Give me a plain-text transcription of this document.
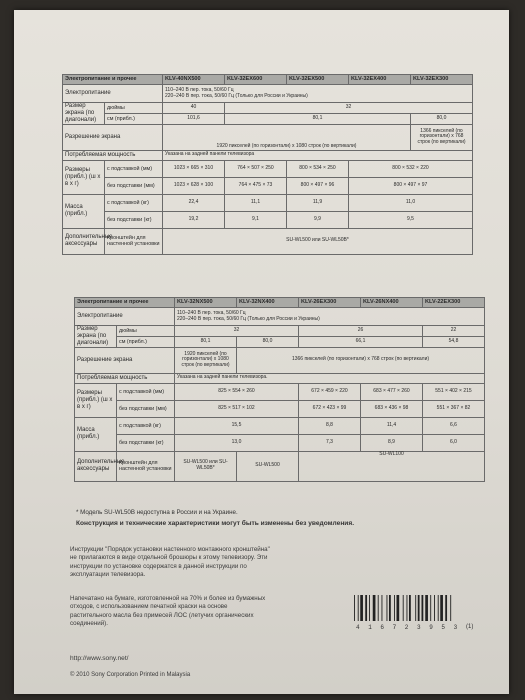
Электропитание и прочее		KLV-40NX500	KLV-32EX600	KLV-32EX500	KLV-32EX400	KLV-32EX300
Электропитание		110–240 В пер. тока, 50/60 Гц
220–240 В пер. тока, 50/60 Гц (Только для России и Украины)				
Размер экрана (по диагонали)	дюймы	40	32			
	см (прибл.)	101,6	80,1			80,0
Разрешение экрана		1920 пикселей (по горизонтали) x 1080 строк (по вертикали)				1366 пикселей (по горизонтали) x 768 строк (по вертикали)
Потребляемая мощность		Указана на задней панели телевизора				
Размеры (прибл.) (ш x в x г)	с подставкой (мм)	1023 × 665 × 310	764 × 507 × 250	800 × 534 × 250	800 × 532 × 220	
	без подставки (мм)	1023 × 628 × 100	764 × 475 × 73	800 × 497 × 96	800 × 497 × 97	
Масса (прибл.)	с подставкой (кг)	22,4	11,1	11,9	11,0	
	без подставки (кг)	19,2	9,1	9,9	9,5	
Дополнительные аксессуары	Кронштейн для настенной установки	SU-WL500 или SU-WL50B*				
Электропитание и прочее		KLV-32NX500	KLV-32NX400	KLV-26EX300	KLV-26NX400	KLV-22EX300
Электропитание		110–240 В пер. тока, 50/60 Гц
220–240 В пер. тока, 50/60 Гц (Только для России и Украины)				
Размер экрана (по диагонали)	дюймы	32		26		22
	см (прибл.)	80,1	80,0	66,1		54,8
Разрешение экрана		1920 пикселей (по горизонтали) x 1080 строк (по вертикали)	1366 пикселей (по горизонтали) x 768 строк (по вертикали)			
Потребляемая мощность		Указана на задней панели телевизора.				
Размеры (прибл.) (ш x в x г)	с подставкой (мм)	825 × 554 × 260		672 × 459 × 220	683 × 477 × 260	551 × 402 × 215
	без подставки (мм)	825 × 517 × 102		672 × 423 × 99	683 × 436 × 98	551 × 367 × 82
Масса (прибл.)	с подставкой (кг)	15,5		8,8	11,4	6,6
	без подставки (кг)	13,0		7,3	8,9	6,0
Дополнительные аксессуары	Кронштейн для настенной установки	SU-WL500 или SU-WL50B*	SU-WL500	SU-WL100		
* Модель SU-WL50B недоступна в России и на Украине.
Конструкция и технические характеристики могут быть изменены без уведомления.
Инструкции "Порядок установки настенного монтажного кронштейна" не прилагаются в виде отдельной брошюры к этому телевизору. Эти инструкции по установке содержатся в данной инструкции по эксплуатации телевизора.
Напечатано на бумаге, изготовленной на 70% и более из бумажных отходов, с использованием печатной краски на основе растительного масла без примесей ЛОС (летучих органических соединений).
4 1 6 7 2 3 9 5 3 (1)
http://www.sony.net/
© 2010 Sony Corporation Printed in Malaysia
